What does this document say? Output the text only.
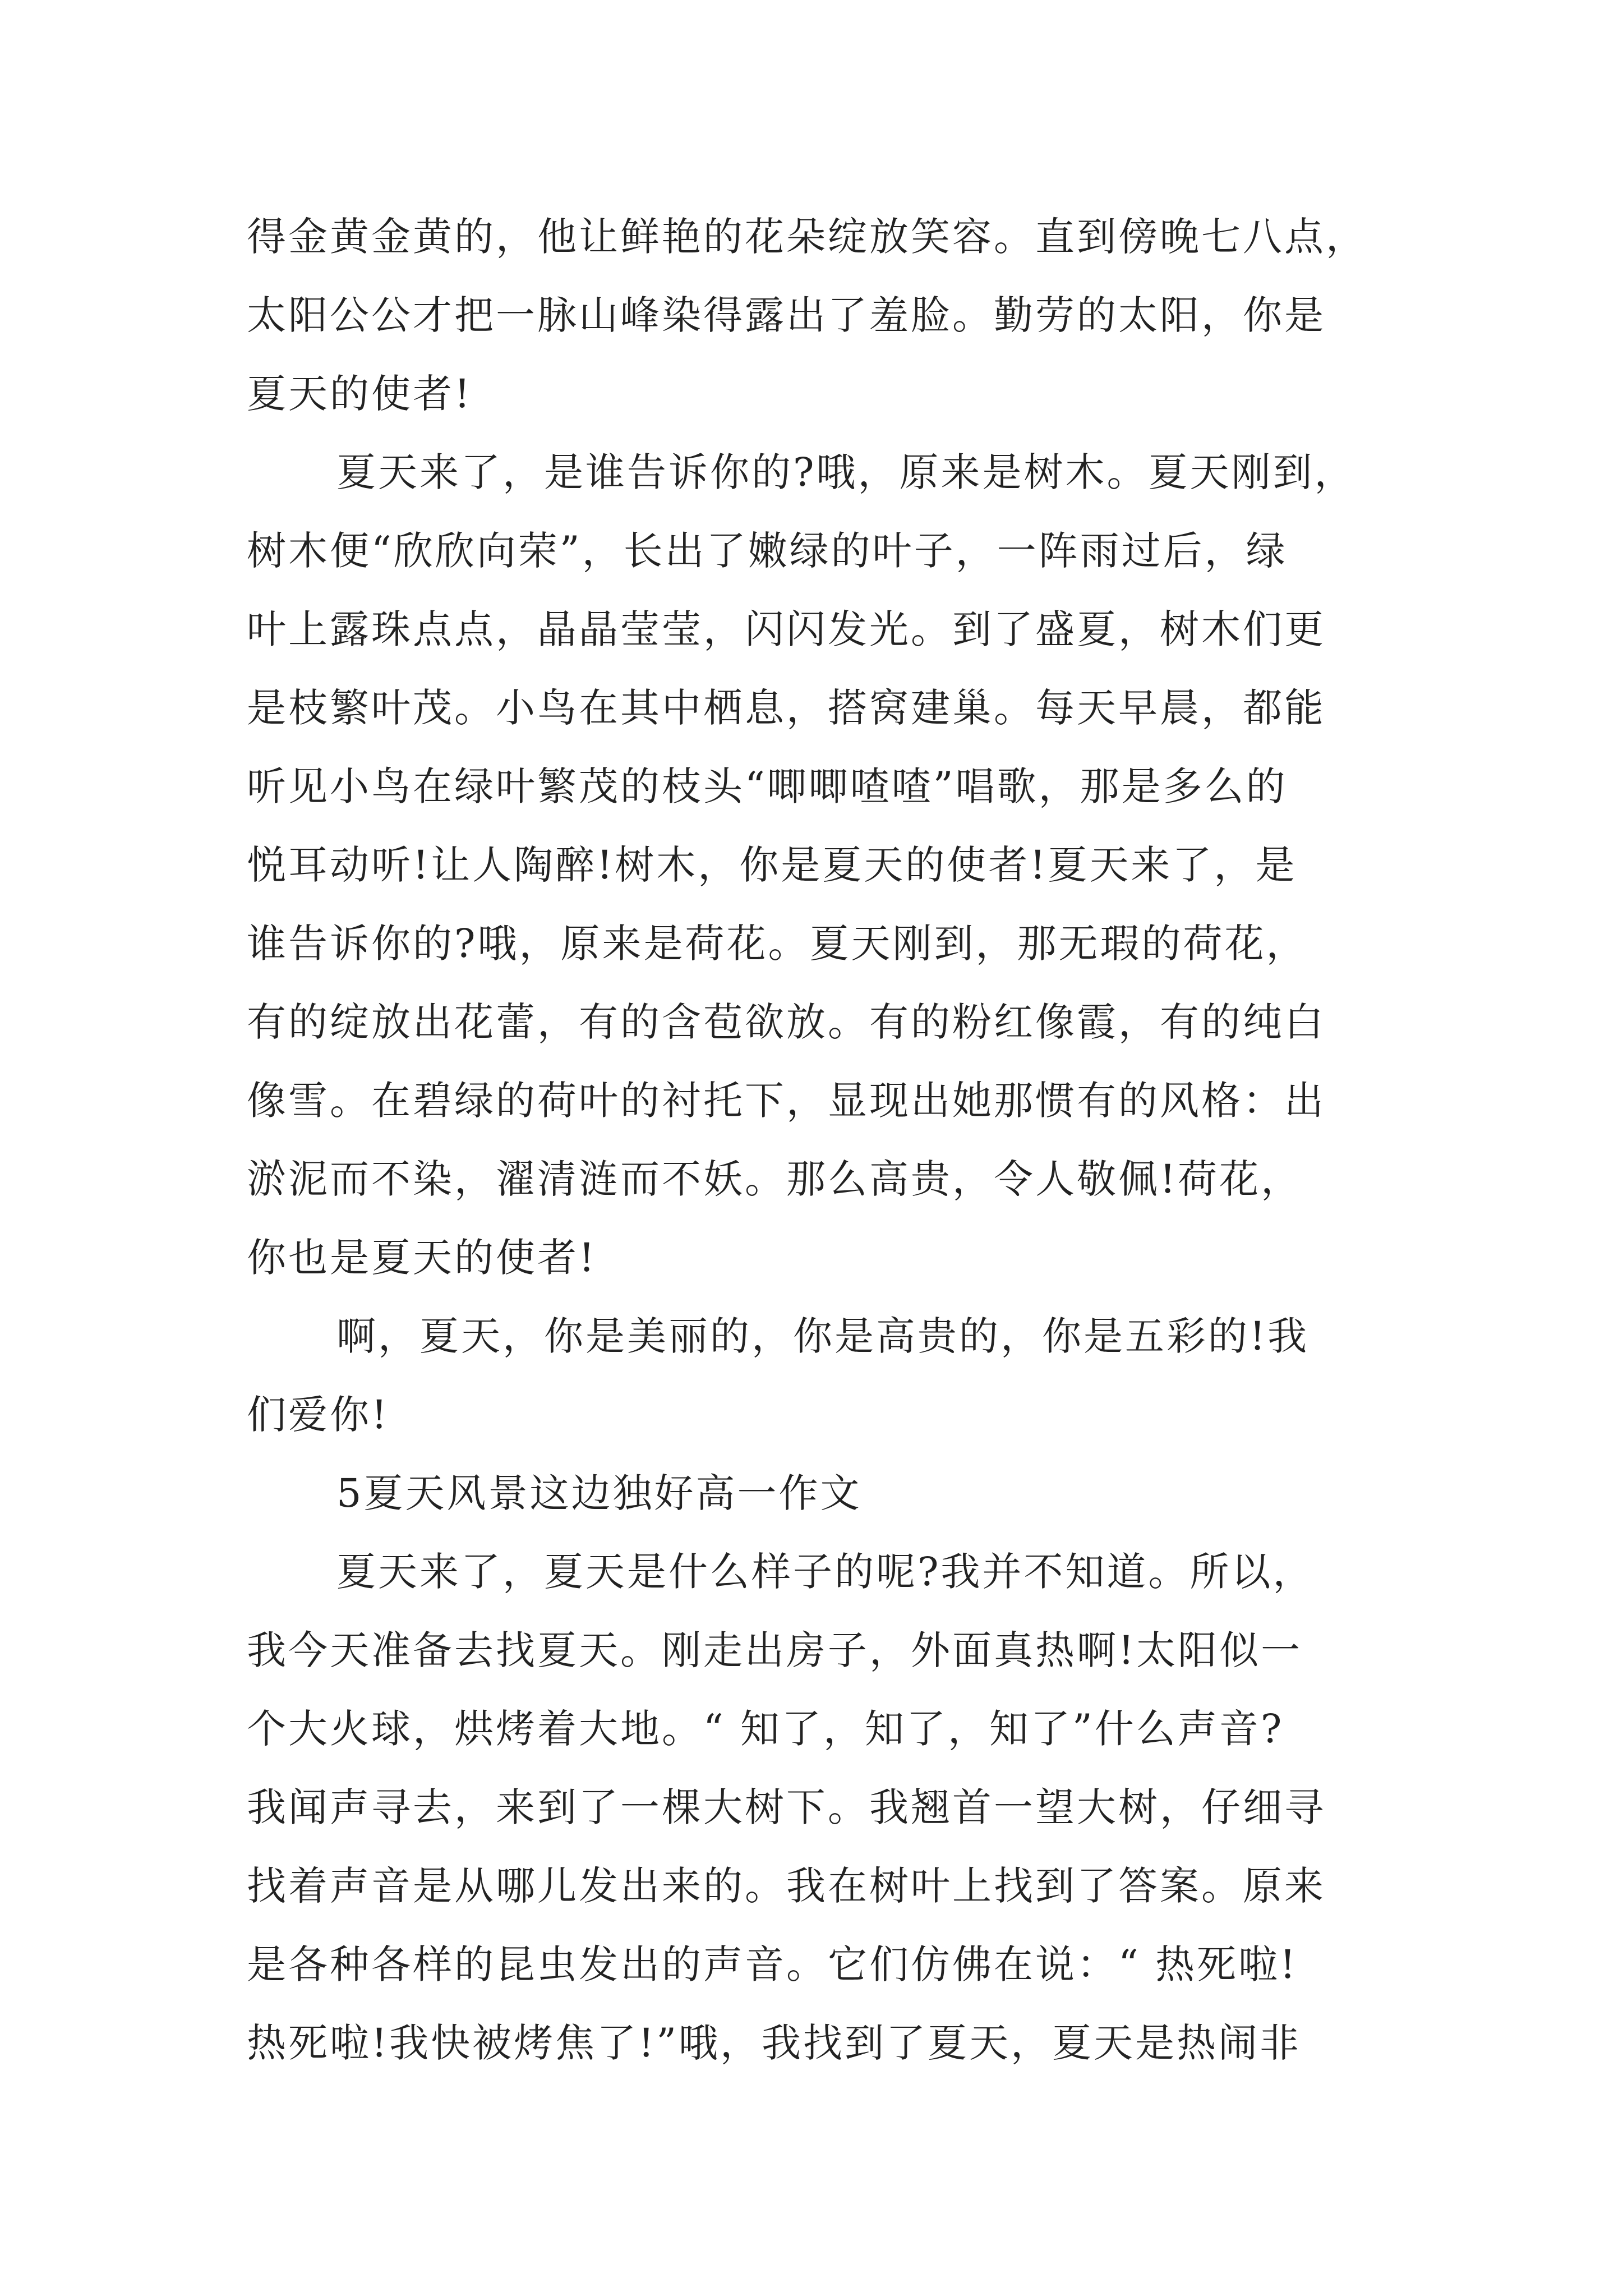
得金黄金黄的，他让鲜艳的花朵绽放笑容。直到傍晚七八点，

太阳公公才把一脉山峰染得露出了羞脸。勤劳的太阳，你是

夏天的使者!

夏天来了，是谁告诉你的?哦，原来是树木。夏天刚到，

树木便“欣欣向荣”，长出了嫩绿的叶子，一阵雨过后，绿

叶上露珠点点，晶晶莹莹，闪闪发光。到了盛夏，树木们更

是枝繁叶茂。小鸟在其中栖息，搭窝建巢。每天早晨，都能

听见小鸟在绿叶繁茂的枝头“唧唧喳喳”唱歌，那是多么的

悦耳动听!让人陶醉!树木，你是夏天的使者!夏天来了，是

谁告诉你的?哦，原来是荷花。夏天刚到，那无瑕的荷花，

有的绽放出花蕾，有的含苞欲放。有的粉红像霞，有的纯白

像雪。在碧绿的荷叶的衬托下，显现出她那惯有的风格：出

淤泥而不染，濯清涟而不妖。那么高贵，令人敬佩!荷花，

你也是夏天的使者!

啊，夏天，你是美丽的，你是高贵的，你是五彩的!我

们爱你!

5夏天风景这边独好高一作文

夏天来了，夏天是什么样子的呢?我并不知道。所以，

我今天准备去找夏天。刚走出房子，外面真热啊!太阳似一

个大火球，烘烤着大地。“ 知了，知了，知了”什么声音?

我闻声寻去，来到了一棵大树下。我翘首一望大树，仔细寻

找着声音是从哪儿发出来的。我在树叶上找到了答案。原来

是各种各样的昆虫发出的声音。它们仿佛在说：“ 热死啦!

热死啦!我快被烤焦了!”哦，我找到了夏天，夏天是热闹非
